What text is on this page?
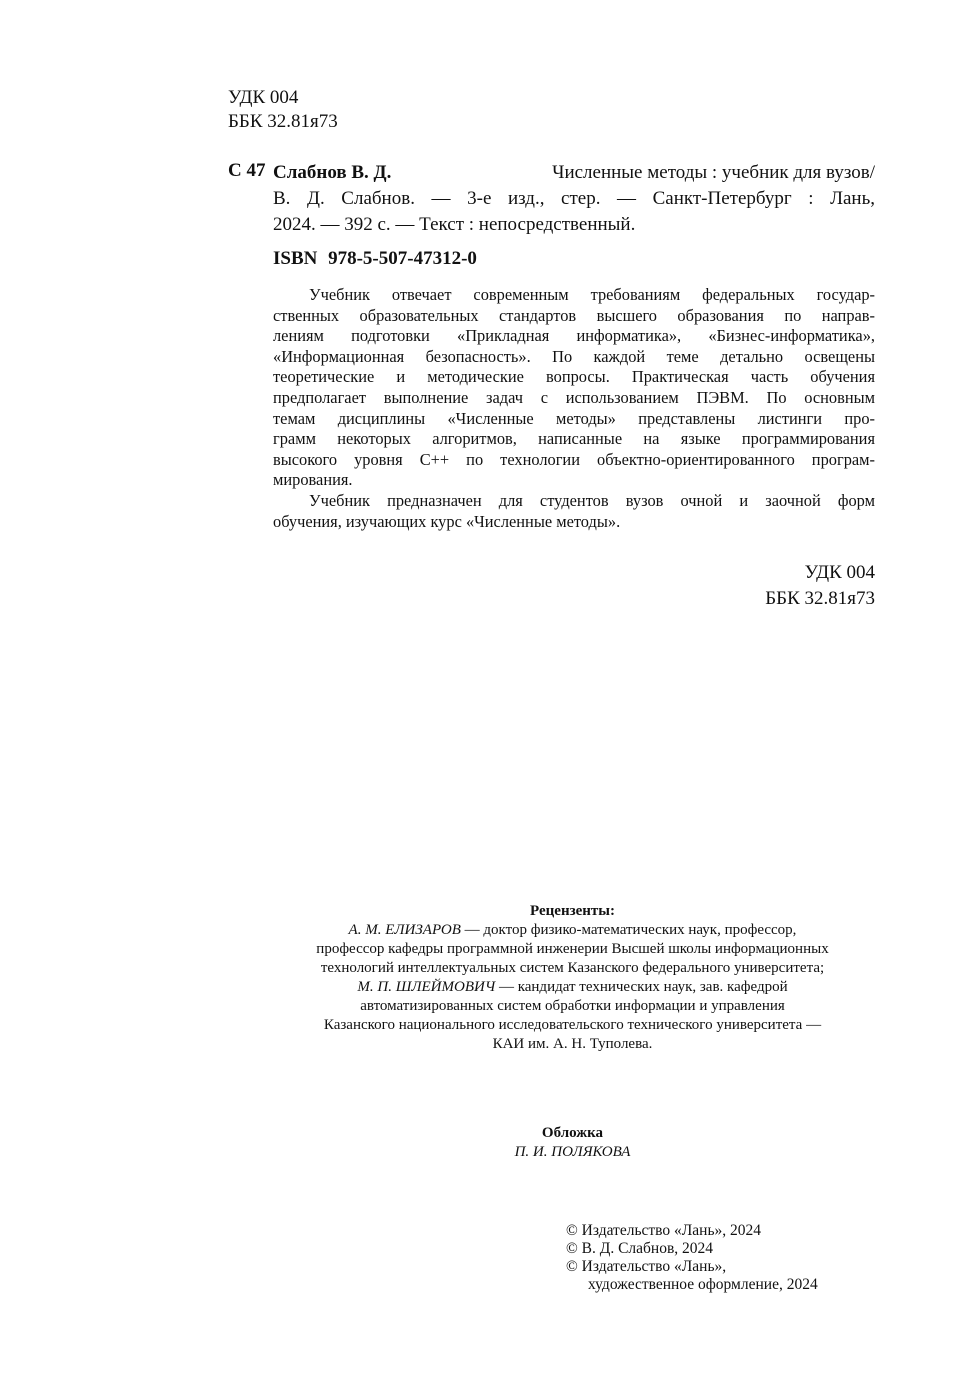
УДК 004
ББК 32.81я73
С 47 Слабнов В. Д.	Численные методы : учебник для вузов/
В. Д. Слабнов. — 3-е изд., стер. — Санкт-Петербург : Лань,
2024. — 392 с. — Текст : непосредственный.
ISBN 978-5-507-47312-0

Учебник отвечает современным требованиям федеральных государ-
ственных образовательных стандартов высшего образования по направ-
лениям подготовки «Прикладная информатика», «Бизнес-информатика»,
«Информационная безопасность». По каждой теме детально освещены
теоретические и методические вопросы. Практическая часть обучения
предполагает выполнение задач с использованием ПЭВМ. По основным
темам дисциплины «Численные методы» представлены листинги про-
грамм некоторых алгоритмов, написанные на языке программирования
высокого уровня C++ по технологии объектно-ориентированного програм-
мирования.

Учебник предназначен для студентов вузов очной и заочной форм
обучения, изучающих курс «Численные методы».

УДК 004
ББК 32.81я73
Рецензенты:
А. М. ЕЛИЗАРОВ — доктор физико-математических наук, профессор,
профессор кафедры программной инженерии Высшей школы информационных
технологий интеллектуальных систем Казанского федерального университета;
М. П. ШЛЕЙМОВИЧ — кандидат технических наук, зав. кафедрой
автоматизированных систем обработки информации и управления
Казанского национального исследовательского технического университета —
КАИ им. А. Н. Туполева.
Обложка
П. И. ПОЛЯКОВА
© Издательство «Лань», 2024
© В. Д. Слабнов, 2024
© Издательство «Лань»,
художественное оформление, 2024
